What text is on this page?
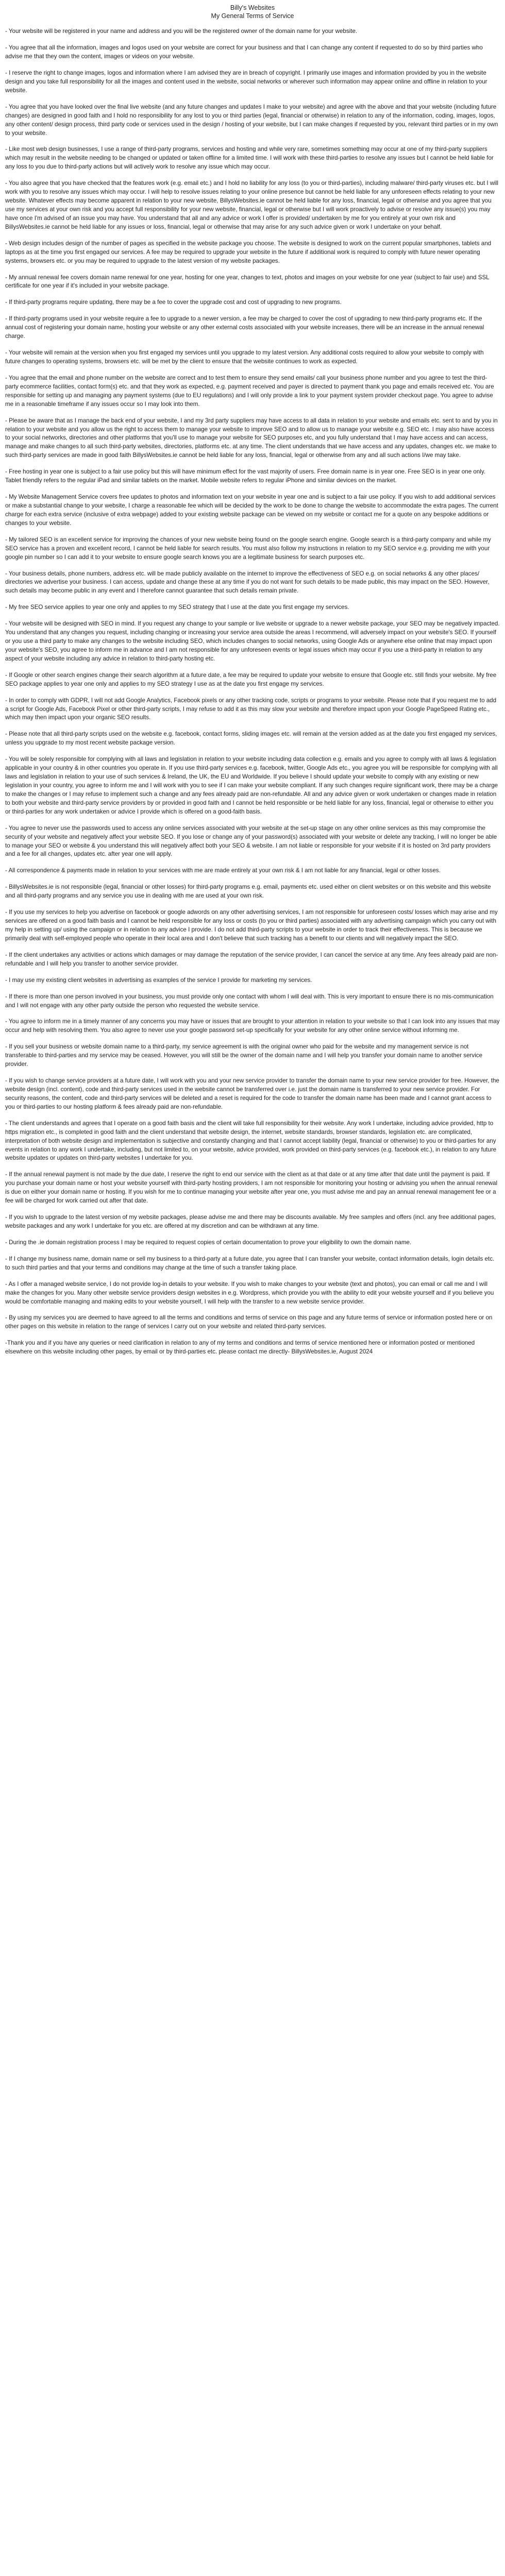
Billy's Websites
My General Terms of Service

- Your website will be registered in your name and address and you will be the registered owner of the domain name for your website.

- You agree that all the information, images and logos used on your website are correct for your business and that I can change any content if requested to do so by third parties who advise me that they own the content, images or videos on your website.

- I reserve the right to change images, logos and information where I am advised they are in breach of copyright. I primarily use images and information provided by you in the website design and you take full responsibility for all the images and content used in the website, social networks or wherever such information may appear online and offline in relation to your website.

- You agree that you have looked over the final live website (and any future changes and updates I make to your website) and agree with the above and that your website (including future changes) are designed in good faith and I hold no responsibility for any lost to you or third parties (legal, financial or otherwise) in relation to any of the information, coding, images, logos, any other content/ design process, third party code or services used in the design / hosting of your website, but I can make changes if requested by you, relevant third parties or in my own to your website.

- Like most web design businesses, I use a range of third-party programs, services and hosting and while very rare, sometimes something may occur at one of my third-party suppliers which may result in the website needing to be changed or updated or taken offline for a limited time. I will work with these third-parties to resolve any issues but I cannot be held liable for any loss to you due to third-party actions but will actively work to resolve any issue which may occur.

- You also agree that you have checked that the features work (e.g. email etc.) and I hold no liability for any loss (to you or third-parties), including malware/ third-party viruses etc. but I will work with you to resolve any issues which may occur. I will help to resolve issues relating to your online presence but cannot be held liable for any unforeseen effects relating to your new website. Whatever effects may become apparent in relation to your new website, BillysWebsites.ie cannot be held liable for any loss, financial, legal or otherwise and you agree that you use my services at your own risk and you accept full responsibility for your new website, financial, legal or otherwise but I will work proactively to advise or resolve any issue(s) you may have once I'm advised of an issue you may have. You understand that all and any advice or work I offer is provided/ undertaken by me for you entirely at your own risk and BillysWebsites.ie cannot be held liable for any issues or loss, financial, legal or otherwise that may arise for any such advice given or work I undertake on your behalf.

- Web design includes design of the number of pages as specified in the website package you choose. The website is designed to work on the current popular smartphones, tablets and laptops as at the time you first engaged our services. A fee may be required to upgrade your website in the future if additional work is required to comply with future newer operating systems, browsers etc. or you may be required to upgrade to the latest version of my website packages.

- My annual renewal fee covers domain name renewal for one year, hosting for one year, changes to text, photos and images on your website for one year (subject to fair use) and SSL certificate for one year if it's included in your website package.

- If third-party programs require updating, there may be a fee to cover the upgrade cost and cost of upgrading to new programs.

- If third-party programs used in your website require a fee to upgrade to a newer version, a fee may be charged to cover the cost of upgrading to new third-party programs etc. If the annual cost of registering your domain name, hosting your website or any other external costs associated with your website increases, there will be an increase in the annual renewal charge.

- Your website will remain at the version when you first engaged my services until you upgrade to my latest version. Any additional costs required to allow your website to comply with future changes to operating systems, browsers etc. will be met by the client to ensure that the website continues to work as expected.

- You agree that the email and phone number on the website are correct and to test them to ensure they send emails/ call your business phone number and you agree to test the third-party ecommerce facilities, contact form(s) etc. and that they work as expected, e.g. payment received and payer is directed to payment thank you page and emails received etc. You are responsible for setting up and managing any payment systems (due to EU regulations) and I will only provide a link to your payment system provider checkout page. You agree to advise me in a reasonable timeframe if any issues occur so I may look into them.

- Please be aware that as I manage the back end of your website, I and my 3rd party suppliers may have access to all data in relation to your website and emails etc. sent to and by you in relation to your website and you allow us the right to access them to manage your website to improve SEO and to allow us to manage your website e.g. SEO etc. I may also have access to your social networks, directories and other platforms that you'll use to manage your website for SEO purposes etc, and you fully understand that I may have access and can access, manage and make changes to all such third-party websites, directories, platforms etc. at any time. The client understands that we have access and any updates, changes etc. we make to such third-party services are made in good faith BillysWebsites.ie cannot be held liable for any loss, financial, legal or otherwise from any and all such actions I/we may take.

- Free hosting in year one is subject to a fair use policy but this will have minimum effect for the vast majority of users. Free domain name is in year one. Free SEO is in year one only. Tablet friendly refers to the regular iPad and similar tablets on the market. Mobile website refers to regular iPhone and similar devices on the market.

- My Website Management Service covers free updates to photos and information text on your website in year one and is subject to a fair use policy. If you wish to add additional services or make a substantial change to your website, I charge a reasonable fee which will be decided by the work to be done to change the website to accommodate the extra pages. The current charge for each extra service (inclusive of extra webpage) added to your existing website package can be viewed on my website or contact me for a quote on any bespoke additions or changes to your website.

- My tailored SEO is an excellent service for improving the chances of your new website being found on the google search engine. Google search is a third-party company and while my SEO service has a proven and excellent record, I cannot be held liable for search results. You must also follow my instructions in relation to my SEO service e.g. providing me with your google pin number so I can add it to your website to ensure google search knows you are a legitimate business for search purposes etc.

- Your business details, phone numbers, address etc. will be made publicly available on the internet to improve the effectiveness of SEO e.g. on social networks & any other places/ directories we advertise your business. I can access, update and change these at any time if you do not want for such details to be made public, this may impact on the SEO. However, such details may become public in any event and I therefore cannot guarantee that such details remain private.

- My free SEO service applies to year one only and applies to my SEO strategy that I use at the date you first engage my services.

- Your website will be designed with SEO in mind. If you request any change to your sample or live website or upgrade to a newer website package, your SEO may be negatively impacted. You understand that any changes you request, including changing or increasing your service area outside the areas I recommend, will adversely impact on your website's SEO. If yourself or you use a third party to make any changes to the website including SEO, which includes changes to social networks, using Google Ads or anywhere else online that may impact upon your website's SEO, you agree to inform me in advance and I am not responsible for any unforeseen events or legal issues which may occur if you use a third-party in relation to any aspect of your website including any advice in relation to third-party hosting etc.

- If Google or other search engines change their search algorithm at a future date, a fee may be required to update your website to ensure that Google etc. still finds your website. My free SEO package applies to year one only and applies to my SEO strategy I use as at the date you first engage my services.

- In order to comply with GDPR, I will not add Google Analytics, Facebook pixels or any other tracking code, scripts or programs to your website. Please note that if you request me to add a script for Google Ads, Facebook Pixel or other third-party scripts, I may refuse to add it as this may slow your website and therefore impact upon your Google PageSpeed Rating etc., which may then impact upon your organic SEO results.

- Please note that all third-party scripts used on the website e.g. facebook, contact forms, sliding images etc. will remain at the version added as at the date you first engaged my services, unless you upgrade to my most recent website package version.

- You will be solely responsible for complying with all laws and legislation in relation to your website including data collection e.g. emails and you agree to comply with all laws & legislation applicable in your country & in other countries you operate in. If you use third-party services e.g. facebook, twitter, Google Ads etc., you agree you will be responsible for complying with all laws and legislation in relation to your use of such services & Ireland, the UK, the EU and Worldwide. If you believe I should update your website to comply with any existing or new legislation in your country, you agree to inform me and I will work with you to see if I can make your website compliant. If any such changes require significant work, there may be a charge to make the changes or I may refuse to implement such a change and any fees already paid are non-refundable. All and any advice given or work undertaken or changes made in relation to both your website and third-party service providers by or provided in good faith and I cannot be held responsible or be held liable for any loss, financial, legal or otherwise to either you or third-parties for any work undertaken or advice I provide which is offered on a good-faith basis.

- You agree to never use the passwords used to access any online services associated with your website at the set-up stage on any other online services as this may compromise the security of your website and negatively affect your website SEO. If you lose or change any of your password(s) associated with your website or delete any tracking, I will no longer be able to manage your SEO or website & you understand this will negatively affect both your SEO & website. I am not liable or responsible for your website if it is hosted on 3rd party providers and a fee for all changes, updates etc. after year one will apply.

- All correspondence & payments made in relation to your services with me are made entirely at your own risk & I am not liable for any financial, legal or other losses.

- BillysWebsites.ie is not responsible (legal, financial or other losses) for third-party programs e.g. email, payments etc. used either on client websites or on this website and this website and all third-party programs and any service you use in dealing with me are used at your own risk.

- If you use my services to help you advertise on facebook or google adwords on any other advertising services, I am not responsible for unforeseen costs/ losses which may arise and my services are offered on a good faith basis and I cannot be held responsible for any loss or costs (to you or third parties) associated with any advertising campaign which you carry out with my help in setting up/ using the campaign or in relation to any advice I provide. I do not add third-party scripts to your website in order to track their effectiveness. This is because we primarily deal with self-employed people who operate in their local area and I don't believe that such tracking has a benefit to our clients and will negatively impact the SEO.

- If the client undertakes any activities or actions which damages or may damage the reputation of the service provider, I can cancel the service at any time. Any fees already paid are non-refundable and I will help you transfer to another service provider.

- I may use my existing client websites in advertising as examples of the service I provide for marketing my services.

- If there is more than one person involved in your business, you must provide only one contact with whom I will deal with. This is very important to ensure there is no mis-communication and I will not engage with any other party outside the person who requested the website service.

- You agree to inform me in a timely manner of any concerns you may have or issues that are brought to your attention in relation to your website so that I can look into any issues that may occur and help with resolving them. You also agree to never use your google password set-up specifically for your website for any other online service without informing me.

- If you sell your business or website domain name to a third-party, my service agreement is with the original owner who paid for the website and my management service is not transferable to third-parties and my service may be ceased. However, you will still be the owner of the domain name and I will help you transfer your domain name to another service provider.

- If you wish to change service providers at a future date, I will work with you and your new service provider to transfer the domain name to your new service provider for free. However, the website design (incl. content), code and third-party services used in the website cannot be transferred over i.e. just the domain name is transferred to your new service provider. For security reasons, the content, code and third-party services will be deleted and a reset is required for the code to transfer the domain name has been made and I cannot grant access to you or third-parties to our hosting platform & fees already paid are non-refundable.

- The client understands and agrees that I operate on a good faith basis and the client will take full responsibility for their website. Any work I undertake, including advice provided, http to https migration etc., is completed in good faith and the client understand that website design, the internet, website standards, browser standards, legislation etc. are complicated, interpretation of both website design and implementation is subjective and constantly changing and that I cannot accept liability (legal, financial or otherwise) to you or third-parties for any events in relation to any work I undertake, including, but not limited to, on your website, advice provided, work provided on third-party services (e.g. facebook etc.), in relation to any future website updates or updates on third-party websites I undertake for you.

- If the annual renewal payment is not made by the due date, I reserve the right to end our service with the client as at that date or at any time after that date until the payment is paid. If you purchase your domain name or host your website yourself with third-party hosting providers, I am not responsible for monitoring your hosting or advising you when the annual renewal is due on either your domain name or hosting. If you wish for me to continue managing your website after year one, you must advise me and pay an annual renewal management fee or a fee will be charged for work carried out after that date.

- If you wish to upgrade to the latest version of my website packages, please advise me and there may be discounts available. My free samples and offers (incl. any free additional pages, website packages and any work I undertake for you etc. are offered at my discretion and can be withdrawn at any time.

- During the .ie domain registration process I may be required to request copies of certain documentation to prove your eligibility to own the domain name.

- If I change my business name, domain name or sell my business to a third-party at a future date, you agree that I can transfer your website, contact information details, login details etc. to such third parties and that your terms and conditions may change at the time of such a transfer taking place.

- As I offer a managed website service, I do not provide log-in details to your website. If you wish to make changes to your website (text and photos), you can email or call me and I will make the changes for you. Many other website service providers design websites in e.g. Wordpress, which provide you with the ability to edit your website yourself and if you believe you would be comfortable managing and making edits to your website yourself, I will help with the transfer to a new website service provider.

- By using my services you are deemed to have agreed to all the terms and conditions and terms of service on this page and any future terms of service or information posted here or on other pages on this website in relation to the range of services I carry out on your website and related third-party services.

-Thank you and if you have any queries or need clarification in relation to any of my terms and conditions and terms of service mentioned here or information posted or mentioned elsewhere on this website including other pages, by email or by third-parties etc. please contact me directly- BillysWebsites.ie, August 2024
